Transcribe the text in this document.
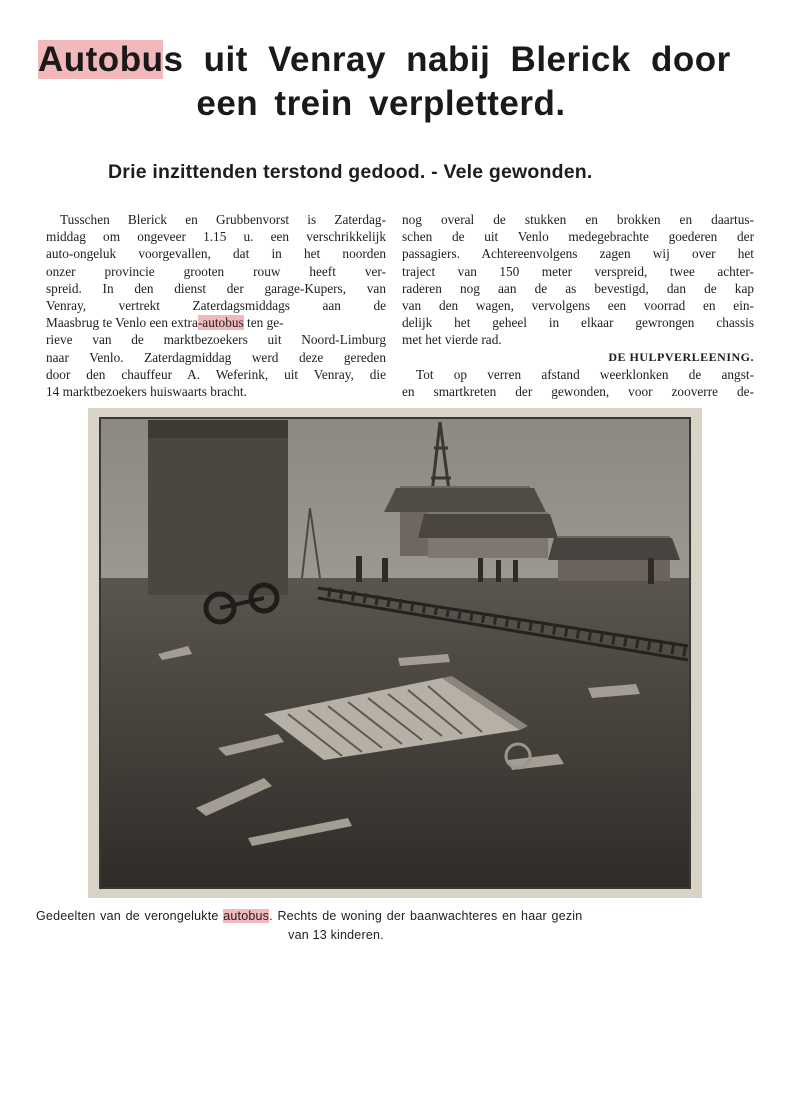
Autobus uit Venray nabij Blerick door
een trein verpletterd.
Drie inzittenden terstond gedood. - Vele gewonden.
Tusschen Blerick en Grubbenvorst is Zaterdag-
middag om ongeveer 1.15 u. een verschrikkelijk
auto-ongeluk voorgevallen, dat in het noorden
onzer provincie grooten rouw heeft ver-
spreid. In den dienst der garage-Kupers, van
Venray, vertrekt Zaterdagsmiddags aan de
Maasbrug te Venlo een extra-autobus ten ge-
rieve van de marktbezoekers uit Noord-Limburg
naar Venlo. Zaterdagmiddag werd deze gereden
door den chauffeur A. Weferink, uit Venray, die
14 marktbezoekers huiswaarts bracht.
nog overal de stukken en brokken en daartus-
schen de uit Venlo medegebrachte goederen der
passagiers. Achtereenvolgens zagen wij over het
traject van 150 meter verspreid, twee achter-
raderen nog aan de as bevestigd, dan de kap
van den wagen, vervolgens een voorrad en ein-
delijk het geheel in elkaar gewrongen chassis
met het vierde rad.
DE HULPVERLEENING.
Tot op verren afstand weerklonken de angst-
en smartkreten der gewonden, voor zooverre de-
Gedeelten van de verongelukte autobus. Rechts de woning der baanwachteres en haar gezin
van 13 kinderen.
